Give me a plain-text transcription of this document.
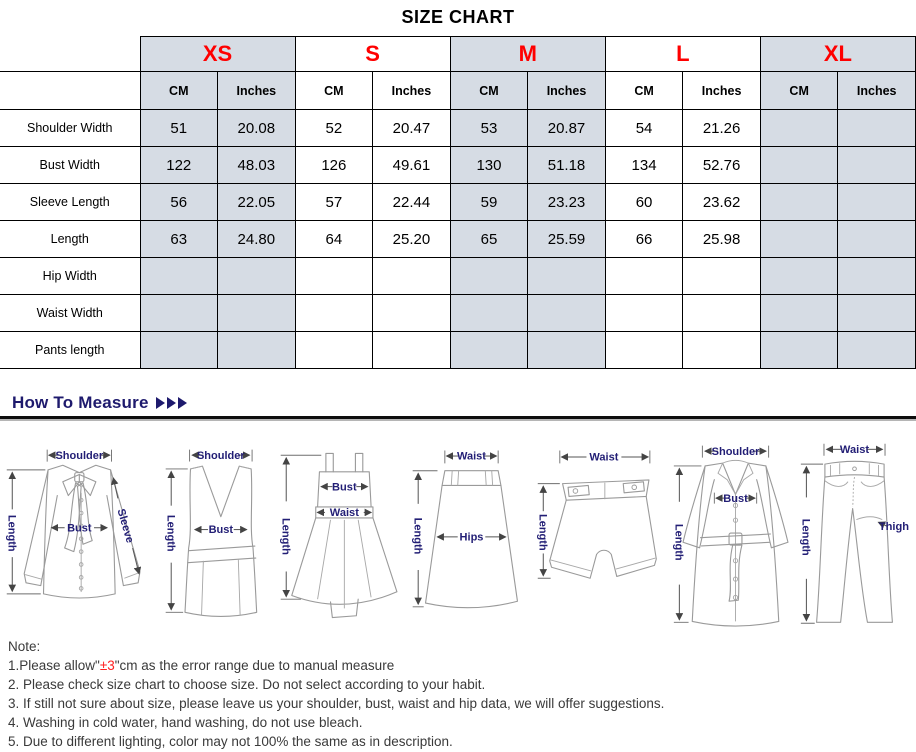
SIZE CHART
	XS		S		M		L		XL	
	CM	Inches	CM	Inches	CM	Inches	CM	Inches	CM	Inches
Shoulder Width	51	20.08	52	20.47	53	20.87	54	21.26		
Bust Width	122	48.03	126	49.61	130	51.18	134	52.76		
Sleeve Length	56	22.05	57	22.44	59	23.23	60	23.62		
Length	63	24.80	64	25.20	65	25.59	66	25.98		
Hip Width										
Waist Width										
Pants length										
How To Measure
Shoulder
Length	Bust Sleeve
Shoulder
Length	Bust
Bust
Waist
Length
Waist
Hips
Length
Waist
Length
Shoulder
Bust
Length
Waist
Length	Thigh
Note:
1.Please allow"±3"cm as the error range due to manual measure
2. Please check size chart to choose size. Do not select according to your habit.
3. If still not sure about size, please leave us your shoulder, bust, waist and hip data, we will offer suggestions.
4. Washing in cold water, hand washing, do not use bleach.
5. Due to different lighting, color may not 100% the same as in description.
